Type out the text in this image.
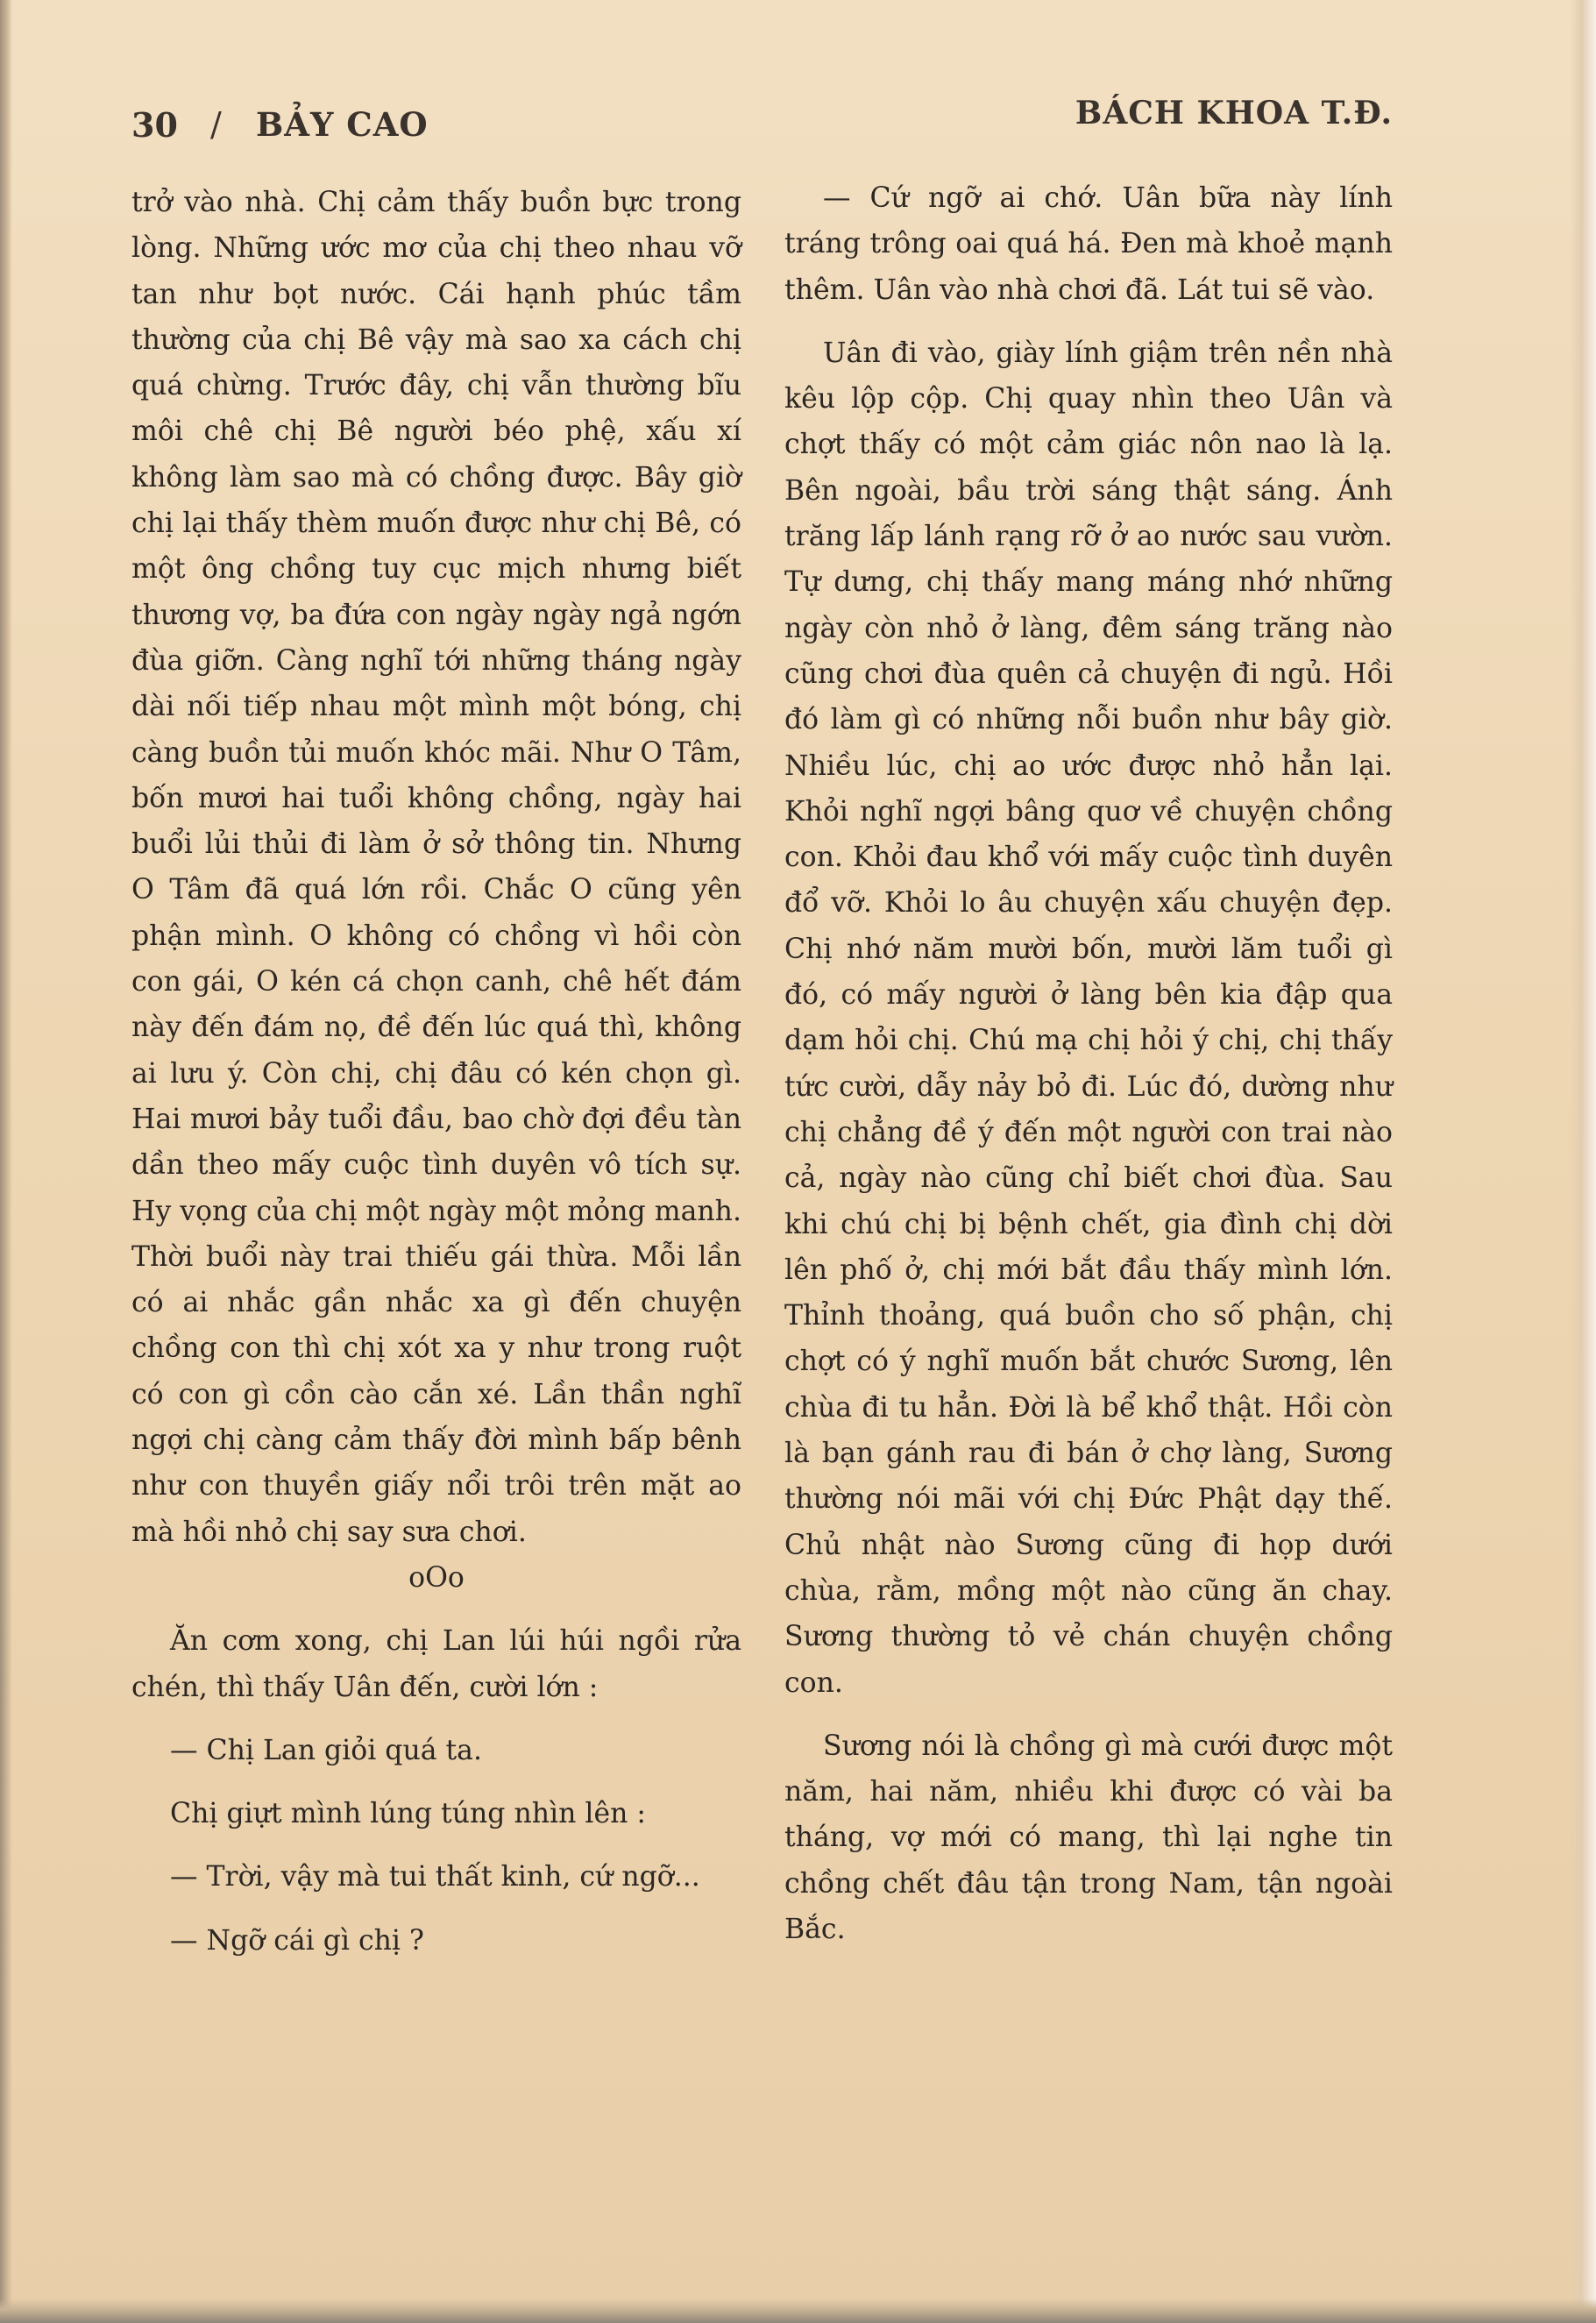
30 / BẢY CAO	BÁCH KHOA T.Đ.

trở vào nhà. Chị cảm thấy buồn bực trong lòng. Những ước mơ của chị theo nhau vỡ tan như bọt nước. Cái hạnh phúc tầm thường của chị Bê vậy mà sao xa cách chị quá chừng. Trước đây, chị vẫn thường bĩu môi chê chị Bê người béo phệ, xấu xí không làm sao mà có chồng được. Bây giờ chị lại thấy thèm muốn được như chị Bê, có một ông chồng tuy cục mịch nhưng biết thương vợ, ba đứa con ngày ngày ngả ngớn đùa giỡn. Càng nghĩ tới những tháng ngày dài nối tiếp nhau một mình một bóng, chị càng buồn tủi muốn khóc mãi. Như O Tâm, bốn mươi hai tuổi không chồng, ngày hai buổi lủi thủi đi làm ở sở thông tin. Nhưng O Tâm đã quá lớn rồi. Chắc O cũng yên phận mình. O không có chồng vì hồi còn con gái, O kén cá chọn canh, chê hết đám này đến đám nọ, đề đến lúc quá thì, không ai lưu ý. Còn chị, chị đâu có kén chọn gì. Hai mươi bảy tuổi đầu, bao chờ đợi đều tàn dần theo mấy cuộc tình duyên vô tích sự. Hy vọng của chị một ngày một mỏng manh. Thời buổi này trai thiếu gái thừa. Mỗi lần có ai nhắc gần nhắc xa gì đến chuyện chồng con thì chị xót xa y như trong ruột có con gì cồn cào cắn xé. Lần thần nghĩ ngợi chị càng cảm thấy đời mình bấp bênh như con thuyền giấy nổi trôi trên mặt ao mà hồi nhỏ chị say sưa chơi.

oOo

Ăn cơm xong, chị Lan lúi húi ngồi rửa chén, thì thấy Uân đến, cười lớn :

— Chị Lan giỏi quá ta.

Chị giựt mình lúng túng nhìn lên :

— Trời, vậy mà tui thất kinh, cứ ngỡ...

— Ngỡ cái gì chị ?

— Cứ ngỡ ai chớ. Uân bữa này lính tráng trông oai quá há. Đen mà khoẻ mạnh thêm. Uân vào nhà chơi đã. Lát tui sẽ vào.

Uân đi vào, giày lính giậm trên nền nhà kêu lộp cộp. Chị quay nhìn theo Uân và chợt thấy có một cảm giác nôn nao là lạ. Bên ngoài, bầu trời sáng thật sáng. Ánh trăng lấp lánh rạng rỡ ở ao nước sau vườn. Tự dưng, chị thấy mang máng nhớ những ngày còn nhỏ ở làng, đêm sáng trăng nào cũng chơi đùa quên cả chuyện đi ngủ. Hồi đó làm gì có những nỗi buồn như bây giờ. Nhiều lúc, chị ao ước được nhỏ hẳn lại. Khỏi nghĩ ngợi bâng quơ về chuyện chồng con. Khỏi đau khổ với mấy cuộc tình duyên đổ vỡ. Khỏi lo âu chuyện xấu chuyện đẹp. Chị nhớ năm mười bốn, mười lăm tuổi gì đó, có mấy người ở làng bên kia đập qua dạm hỏi chị. Chú mạ chị hỏi ý chị, chị thấy tức cười, dẫy nảy bỏ đi. Lúc đó, dường như chị chẳng đề ý đến một người con trai nào cả, ngày nào cũng chỉ biết chơi đùa. Sau khi chú chị bị bệnh chết, gia đình chị dời lên phố ở, chị mới bắt đầu thấy mình lớn. Thỉnh thoảng, quá buồn cho số phận, chị chợt có ý nghĩ muốn bắt chước Sương, lên chùa đi tu hẳn. Đời là bể khổ thật. Hồi còn là bạn gánh rau đi bán ở chợ làng, Sương thường nói mãi với chị Đức Phật dạy thế. Chủ nhật nào Sương cũng đi họp dưới chùa, rằm, mồng một nào cũng ăn chay. Sương thường tỏ vẻ chán chuyện chồng con.

Sương nói là chồng gì mà cưới được một năm, hai năm, nhiều khi được có vài ba tháng, vợ mới có mang, thì lại nghe tin chồng chết đâu tận trong Nam, tận ngoài Bắc.
